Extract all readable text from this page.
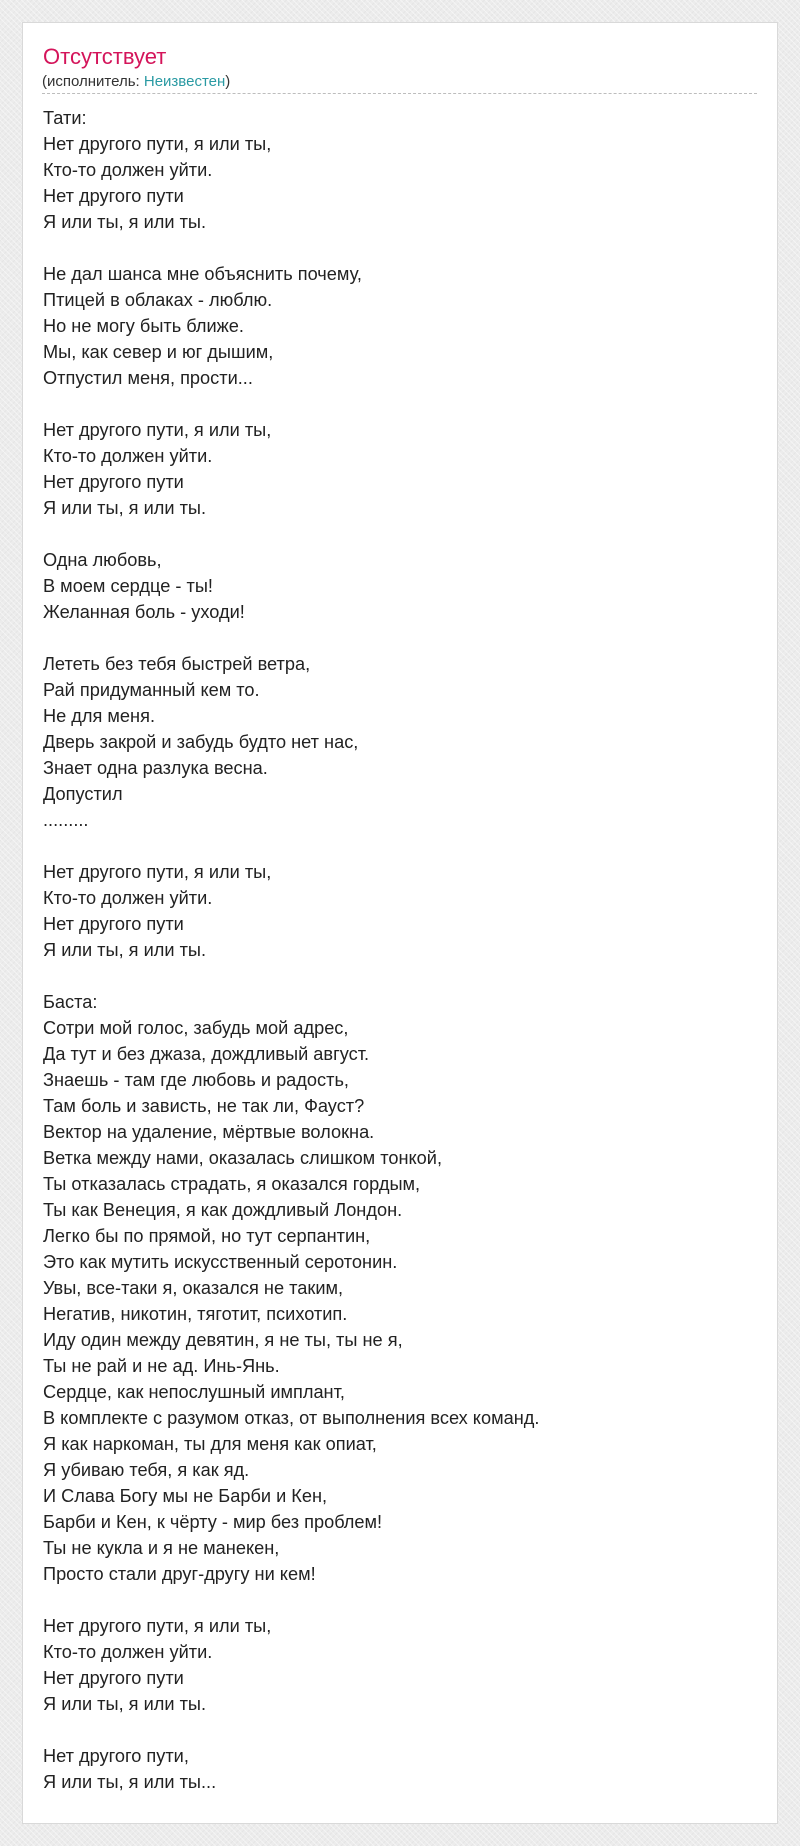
Отсутствует
(исполнитель: Неизвестен)
Тати:
Нет другого пути, я или ты,
Кто-то должен уйти.
Нет другого пути
Я или ты, я или ты.
Не дал шанса мне объяснить почему,
Птицей в облаках - люблю.
Но не могу быть ближе.
Мы, как север и юг дышим,
Отпустил меня, прости...
Нет другого пути, я или ты,
Кто-то должен уйти.
Нет другого пути
Я или ты, я или ты.
Одна любовь,
В моем сердце - ты!
Желанная боль - уходи!
Лететь без тебя быстрей ветра,
Рай придуманный кем то.
Не для меня.
Дверь закрой и забудь будто нет нас,
Знает одна разлука весна.
Допустил
.........
Нет другого пути, я или ты,
Кто-то должен уйти.
Нет другого пути
Я или ты, я или ты.
Баста:
Сотри мой голос, забудь мой адрес,
Да тут и без джаза, дождливый август.
Знаешь - там где любовь и радость,
Там боль и зависть, не так ли, Фауст?
Вектор на удаление, мёртвые волокна.
Ветка между нами, оказалась слишком тонкой,
Ты отказалась страдать, я оказался гордым,
Ты как Венеция, я как дождливый Лондон.
Легко бы по прямой, но тут серпантин,
Это как мутить искусственный серотонин.
Увы, все-таки я, оказался не таким,
Негатив, никотин, тяготит, психотип.
Иду один между девятин, я не ты, ты не я,
Ты не рай и не ад. Инь-Янь.
Сердце, как непослушный имплант,
В комплекте с разумом отказ, от выполнения всех команд.
Я как наркоман, ты для меня как опиат,
Я убиваю тебя, я как яд.
И Слава Богу мы не Барби и Кен,
Барби и Кен, к чёрту - мир без проблем!
Ты не кукла и я не манекен,
Просто стали друг-другу ни кем!
Нет другого пути, я или ты,
Кто-то должен уйти.
Нет другого пути
Я или ты, я или ты.
Нет другого пути,
Я или ты, я или ты...
